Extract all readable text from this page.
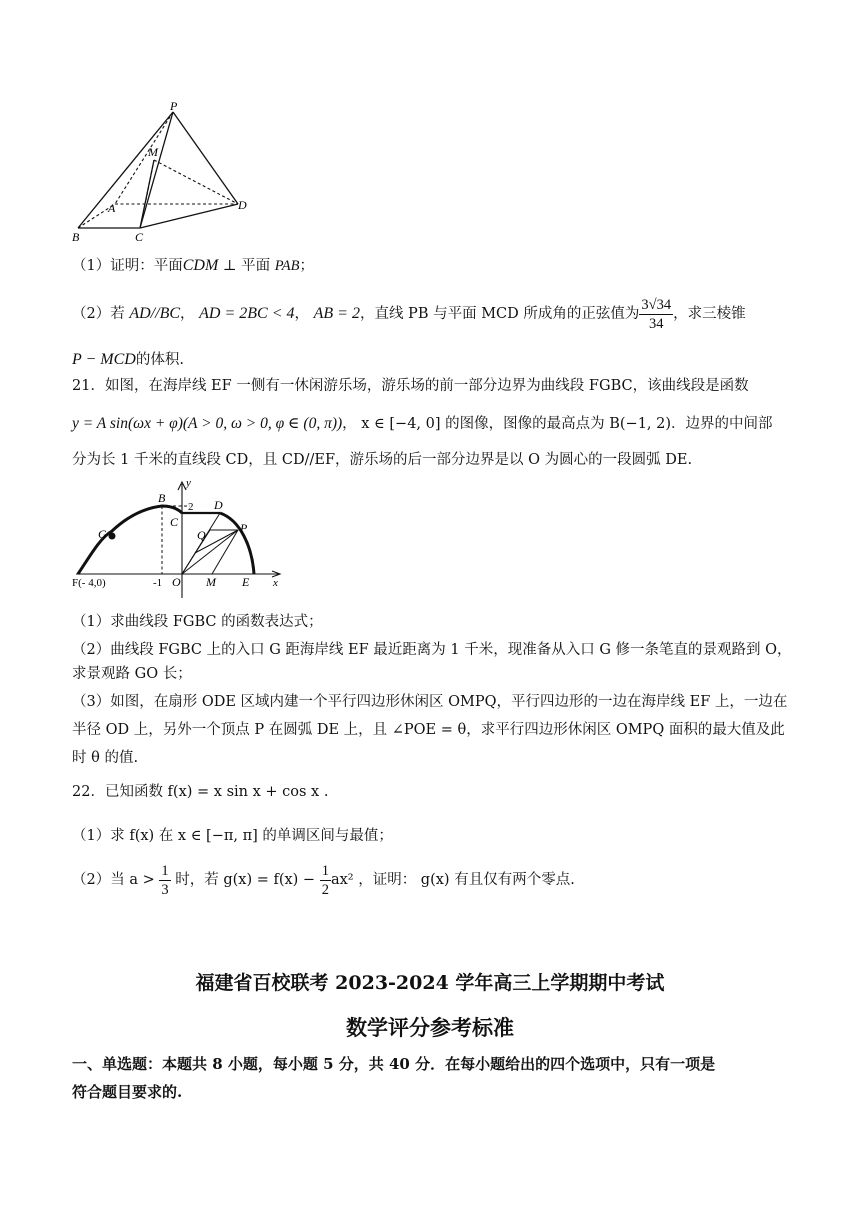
P
M
A
B	C
D
（1）证明：平面CDM ⊥ 平面 PAB；
（2）若 AD//BC， AD = 2BC < 4， AB = 2，直线 PB 与平面 MCD 所成角的正弦值为 $\frac{3√34}{34}$ ，求三棱锥
P − MCD的体积.
21．如图，在海岸线 EF 一侧有一休闲游乐场，游乐场的前一部分边界为曲线段 FGBC，该曲线段是函数
y = A sin(ωx + φ)(A > 0, ω > 0, φ ∈ (0, π))， x ∈ [−4, 0] 的图像，图像的最高点为 B(−1, 2)．边界的中间部
分为长 1 千米的直线段 CD，且 CD//EF，游乐场的后一部分边界是以 O 为圆心的一段圆弧 DE.
y
x
B
2
C
D
G	Q	P
-1 O M E
F(- 4,0)
（1）求曲线段 FGBC 的函数表达式；
（2）曲线段 FGBC 上的入口 G 距海岸线 EF 最近距离为 1 千米，现准备从入口 G 修一条笔直的景观路到 O，
求景观路 GO 长；
（3）如图，在扇形 ODE 区域内建一个平行四边形休闲区 OMPQ，平行四边形的一边在海岸线 EF 上，一边在
半径 OD 上，另外一个顶点 P 在圆弧 DE 上，且 ∠POE = θ，求平行四边形休闲区 OMPQ 面积的最大值及此
时 θ 的值.
22．已知函数 f(x) = x sin x + cos x .
（1）求 f(x) 在 x ∈ [−π, π] 的单调区间与最值；
（2）当 $a > \frac{1}{3}$ 时，若 $g(x) = f(x) - \frac{1}{2} ax^2$ ，证明： g(x) 有且仅有两个零点.
福建省百校联考 2023-2024 学年高三上学期期中考试
数学评分参考标准
一、单选题：本题共 8 小题，每小题 5 分，共 40 分．在每小题给出的四个选项中，只有一项是
符合题目要求的.
